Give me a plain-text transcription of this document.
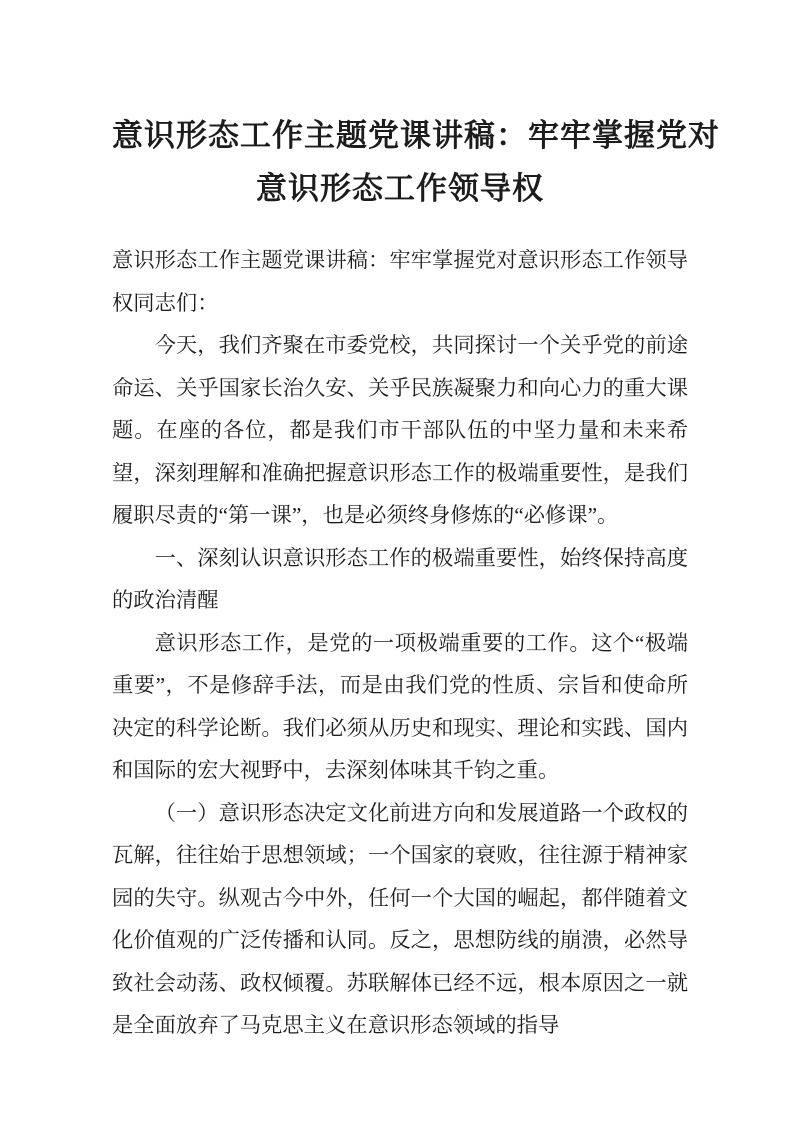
意识形态工作主题党课讲稿：牢牢掌握党对
意识形态工作领导权

意识形态工作主题党课讲稿：牢牢掌握党对意识形态工作领导权同志们：

今天，我们齐聚在市委党校，共同探讨一个关乎党的前途命运、关乎国家长治久安、关乎民族凝聚力和向心力的重大课题。在座的各位，都是我们市干部队伍的中坚力量和未来希望，深刻理解和准确把握意识形态工作的极端重要性，是我们履职尽责的“第一课”，也是必须终身修炼的“必修课”。

一、深刻认识意识形态工作的极端重要性，始终保持高度的政治清醒

意识形态工作，是党的一项极端重要的工作。这个“极端重要”，不是修辞手法，而是由我们党的性质、宗旨和使命所决定的科学论断。我们必须从历史和现实、理论和实践、国内和国际的宏大视野中，去深刻体味其千钧之重。

（一）意识形态决定文化前进方向和发展道路一个政权的瓦解，往往始于思想领域；一个国家的衰败，往往源于精神家园的失守。纵观古今中外，任何一个大国的崛起，都伴随着文化价值观的广泛传播和认同。反之，思想防线的崩溃，必然导致社会动荡、政权倾覆。苏联解体已经不远，根本原因之一就是全面放弃了马克思主义在意识形态领域的指导
